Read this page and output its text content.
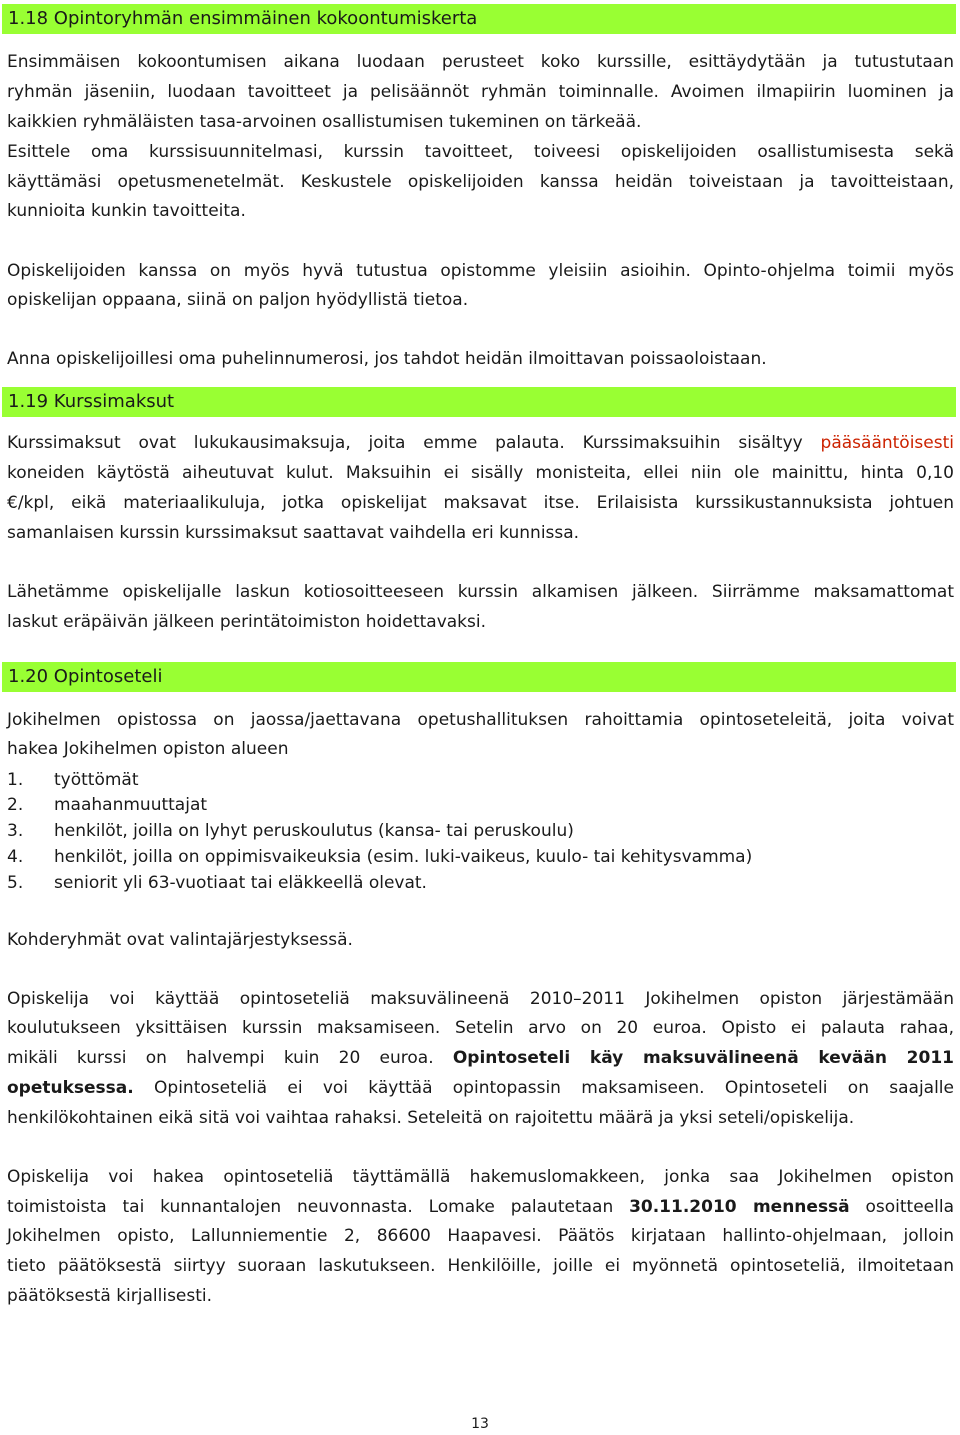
1.18 Opintoryhmän ensimmäinen kokoontumiskerta
Ensimmäisen kokoontumisen aikana luodaan perusteet koko kurssille, esittäydytään ja tutustutaan
ryhmän jäseniin, luodaan tavoitteet ja pelisäännöt ryhmän toiminnalle. Avoimen ilmapiirin luominen ja
kaikkien ryhmäläisten tasa-arvoinen osallistumisen tukeminen on tärkeää.
Esittele oma kurssisuunnitelmasi, kurssin tavoitteet, toiveesi opiskelijoiden osallistumisesta sekä
käyttämäsi opetusmenetelmät. Keskustele opiskelijoiden kanssa heidän toiveistaan ja tavoitteistaan,
kunnioita kunkin tavoitteita.
Opiskelijoiden kanssa on myös hyvä tutustua opistomme yleisiin asioihin. Opinto-ohjelma toimii myös
opiskelijan oppaana, siinä on paljon hyödyllistä tietoa.
Anna opiskelijoillesi oma puhelinnumerosi, jos tahdot heidän ilmoittavan poissaoloistaan.
1.19 Kurssimaksut
Kurssimaksut ovat lukukausimaksuja, joita emme palauta. Kurssimaksuihin sisältyy pääsääntöisesti
koneiden käytöstä aiheutuvat kulut. Maksuihin ei sisälly monisteita, ellei niin ole mainittu, hinta 0,10
€/kpl, eikä materiaalikuluja, jotka opiskelijat maksavat itse. Erilaisista kurssikustannuksista johtuen
samanlaisen kurssin kurssimaksut saattavat vaihdella eri kunnissa.
Lähetämme opiskelijalle laskun kotiosoitteeseen kurssin alkamisen jälkeen. Siirrämme maksamattomat
laskut eräpäivän jälkeen perintätoimiston hoidettavaksi.
1.20 Opintoseteli
Jokihelmen opistossa on jaossa/jaettavana opetushallituksen rahoittamia opintoseteleitä, joita voivat
hakea Jokihelmen opiston alueen
1. työttömät
2. maahanmuuttajat
3. henkilöt, joilla on lyhyt peruskoulutus (kansa- tai peruskoulu)
4. henkilöt, joilla on oppimisvaikeuksia (esim. luki-vaikeus, kuulo- tai kehitysvamma)
5. seniorit yli 63-vuotiaat tai eläkkeellä olevat.
Kohderyhmät ovat valintajärjestyksessä.
Opiskelija voi käyttää opintoseteliä maksuvälineenä 2010–2011 Jokihelmen opiston järjestämään
koulutukseen yksittäisen kurssin maksamiseen. Setelin arvo on 20 euroa. Opisto ei palauta rahaa,
mikäli kurssi on halvempi kuin 20 euroa. Opintoseteli käy maksuvälineenä kevään 2011
opetuksessa. Opintoseteliä ei voi käyttää opintopassin maksamiseen. Opintoseteli on saajalle
henkilökohtainen eikä sitä voi vaihtaa rahaksi. Seteleitä on rajoitettu määrä ja yksi seteli/opiskelija.
Opiskelija voi hakea opintoseteliä täyttämällä hakemuslomakkeen, jonka saa Jokihelmen opiston
toimistoista tai kunnantalojen neuvonnasta. Lomake palautetaan 30.11.2010 mennessä osoitteella
Jokihelmen opisto, Lallunniementie 2, 86600 Haapavesi. Päätös kirjataan hallinto-ohjelmaan, jolloin
tieto päätöksestä siirtyy suoraan laskutukseen. Henkilöille, joille ei myönnetä opintoseteliä, ilmoitetaan
päätöksestä kirjallisesti.
13
